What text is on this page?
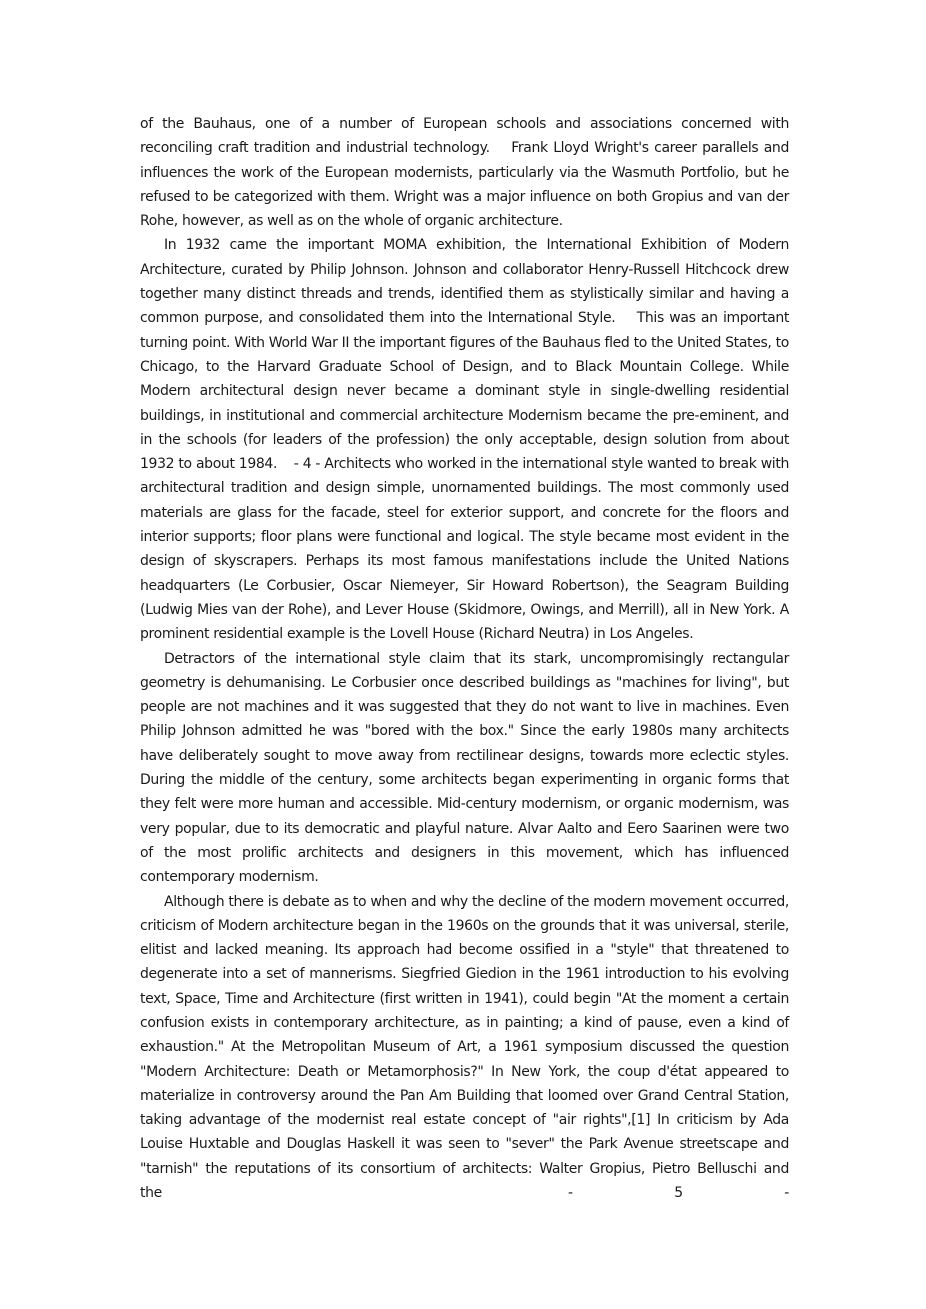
of the Bauhaus, one of a number of European schools and associations concerned with reconciling craft tradition and industrial technology.    Frank Lloyd Wright's career parallels and influences the work of the European modernists, particularly via the Wasmuth Portfolio, but he refused to be categorized with them. Wright was a major influence on both Gropius and van der Rohe, however, as well as on the whole of organic architecture.

In 1932 came the important MOMA exhibition, the International Exhibition of Modern Architecture, curated by Philip Johnson. Johnson and collaborator Henry-Russell Hitchcock drew together many distinct threads and trends, identified them as stylistically similar and having a common purpose, and consolidated them into the International Style.    This was an important turning point. With World War II the important figures of the Bauhaus fled to the United States, to Chicago, to the Harvard Graduate School of Design, and to Black Mountain College. While Modern architectural design never became a dominant style in single-dwelling residential buildings, in institutional and commercial architecture Modernism became the pre-eminent, and in the schools (for leaders of the profession) the only acceptable, design solution from about 1932 to about 1984.    - 4 - Architects who worked in the international style wanted to break with architectural tradition and design simple, unornamented buildings. The most commonly used materials are glass for the facade, steel for exterior support, and concrete for the floors and interior supports; floor plans were functional and logical. The style became most evident in the design of skyscrapers. Perhaps its most famous manifestations include the United Nations headquarters (Le Corbusier, Oscar Niemeyer, Sir Howard Robertson), the Seagram Building (Ludwig Mies van der Rohe), and Lever House (Skidmore, Owings, and Merrill), all in New York. A prominent residential example is the Lovell House (Richard Neutra) in Los Angeles.

Detractors of the international style claim that its stark, uncompromisingly rectangular geometry is dehumanising. Le Corbusier once described buildings as "machines for living", but people are not machines and it was suggested that they do not want to live in machines. Even Philip Johnson admitted he was "bored with the box." Since the early 1980s many architects have deliberately sought to move away from rectilinear designs, towards more eclectic styles. During the middle of the century, some architects began experimenting in organic forms that they felt were more human and accessible. Mid-century modernism, or organic modernism, was very popular, due to its democratic and playful nature. Alvar Aalto and Eero Saarinen were two of the most prolific architects and designers in this movement, which has influenced contemporary modernism.

Although there is debate as to when and why the decline of the modern movement occurred, criticism of Modern architecture began in the 1960s on the grounds that it was universal, sterile, elitist and lacked meaning. Its approach had become ossified in a "style" that threatened to degenerate into a set of mannerisms. Siegfried Giedion in the 1961 introduction to his evolving text, Space, Time and Architecture (first written in 1941), could begin "At the moment a certain confusion exists in contemporary architecture, as in painting; a kind of pause, even a kind of exhaustion." At the Metropolitan Museum of Art, a 1961 symposium discussed the question "Modern Architecture: Death or Metamorphosis?" In New York, the coup d'état appeared to materialize in controversy around the Pan Am Building that loomed over Grand Central Station, taking advantage of the modernist real estate concept of "air rights",[1] In criticism by Ada Louise Huxtable and Douglas Haskell it was seen to "sever" the Park Avenue streetscape and "tarnish" the reputations of its consortium of architects: Walter Gropius, Pietro Belluschi and the    - 5 -
